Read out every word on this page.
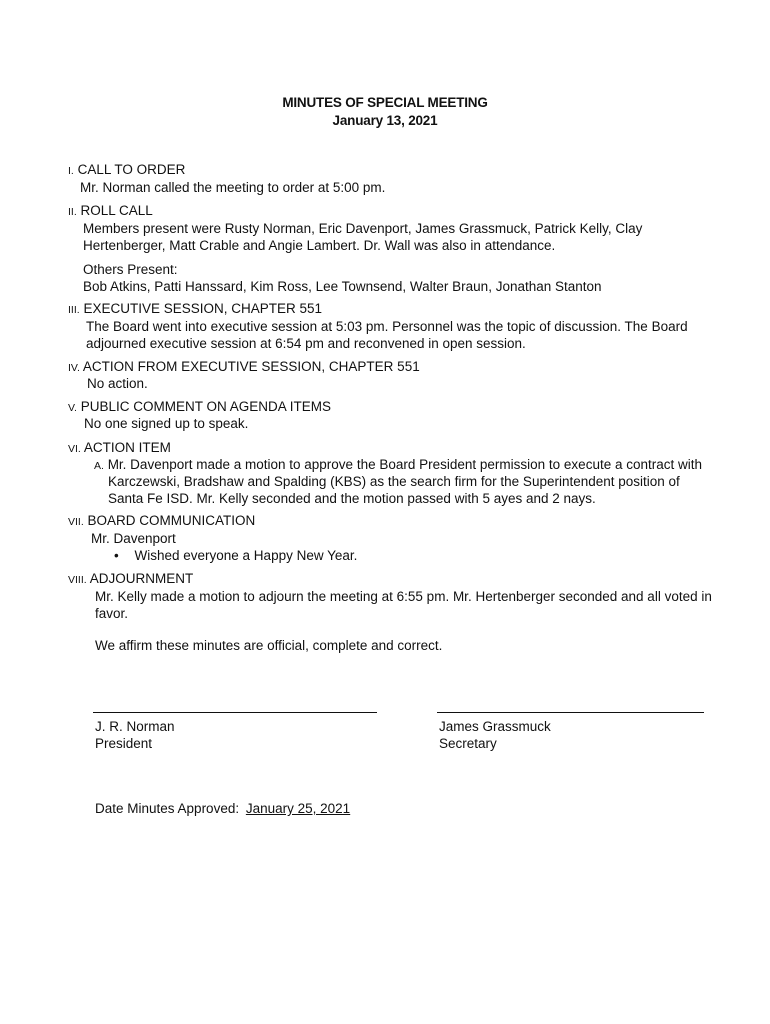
MINUTES OF SPECIAL MEETING
January 13, 2021
I. CALL TO ORDER
Mr. Norman called the meeting to order at 5:00 pm.
II. ROLL CALL
Members present were Rusty Norman, Eric Davenport, James Grassmuck, Patrick Kelly, Clay
Hertenberger, Matt Crable and Angie Lambert. Dr. Wall was also in attendance.
Others Present:
Bob Atkins, Patti Hanssard, Kim Ross, Lee Townsend, Walter Braun, Jonathan Stanton
III. EXECUTIVE SESSION, CHAPTER 551
The Board went into executive session at 5:03 pm. Personnel was the topic of discussion. The Board
adjourned executive session at 6:54 pm and reconvened in open session.
IV. ACTION FROM EXECUTIVE SESSION, CHAPTER 551
No action.
V. PUBLIC COMMENT ON AGENDA ITEMS
No one signed up to speak.
VI. ACTION ITEM
A. Mr. Davenport made a motion to approve the Board President permission to execute a contract with
Karczewski, Bradshaw and Spalding (KBS) as the search firm for the Superintendent position of
Santa Fe ISD. Mr. Kelly seconded and the motion passed with 5 ayes and 2 nays.
VII. BOARD COMMUNICATION
Mr. Davenport
• Wished everyone a Happy New Year.
VIII. ADJOURNMENT
Mr. Kelly made a motion to adjourn the meeting at 6:55 pm. Mr. Hertenberger seconded and all voted in
favor.
We affirm these minutes are official, complete and correct.
J. R. Norman
President
James Grassmuck
Secretary
Date Minutes Approved: January 25, 2021
